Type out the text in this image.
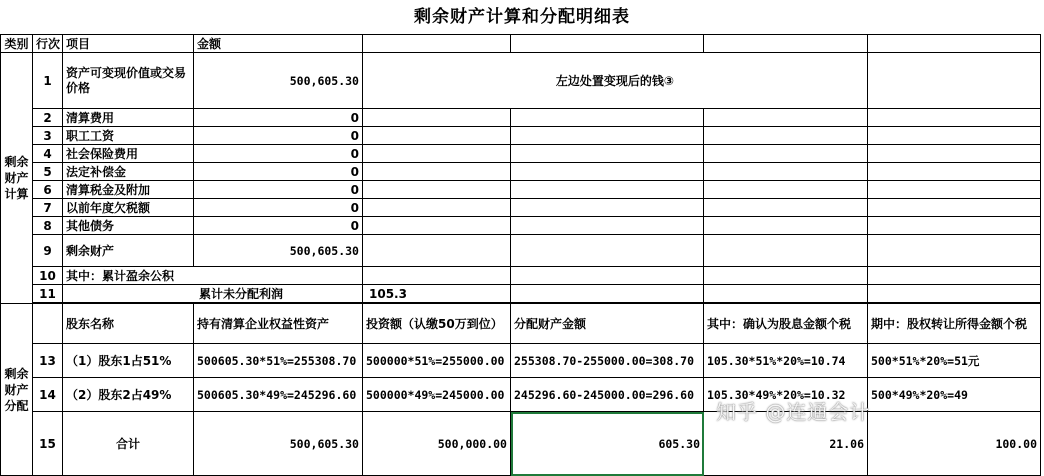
剩余财产计算和分配明细表
类别	行次	项目	金额					
剩余财产计算	1	资产可变现价值或交易价格	500,605.30	左边处置变现后的钱③				
	2	清算费用	0					
	3	职工工资	0					
	4	社会保险费用	0					
	5	法定补偿金	0					
	6	清算税金及附加	0					
	7	以前年度欠税额	0					
	8	其他债务	0					
	9	剩余财产	500,605.30					
	10	其中：累计盈余公积						
	11	累计未分配利润		105.3				

剩余财产分配		股东名称	持有清算企业权益性资产	投资额（认缴50万到位）	分配财产金额	其中：确认为股息金额个税	期中：股权转让所得金额个税	
	13	（1）股东1占51%	500605.30*51%=255308.70	500000*51%=255000.00	255308.70-255000.00=308.70	105.30*51%*20%=10.74	500*51%*20%=51元	
	14	（2）股东2占49%	500605.30*49%=245296.60	500000*49%=245000.00	245296.60-245000.00=296.60	105.30*49%*20%=10.32	500*49%*20%=49	
	15	合计	500,605.30	500,000.00	605.30	21.06	100.00	
知乎 @连通会计
